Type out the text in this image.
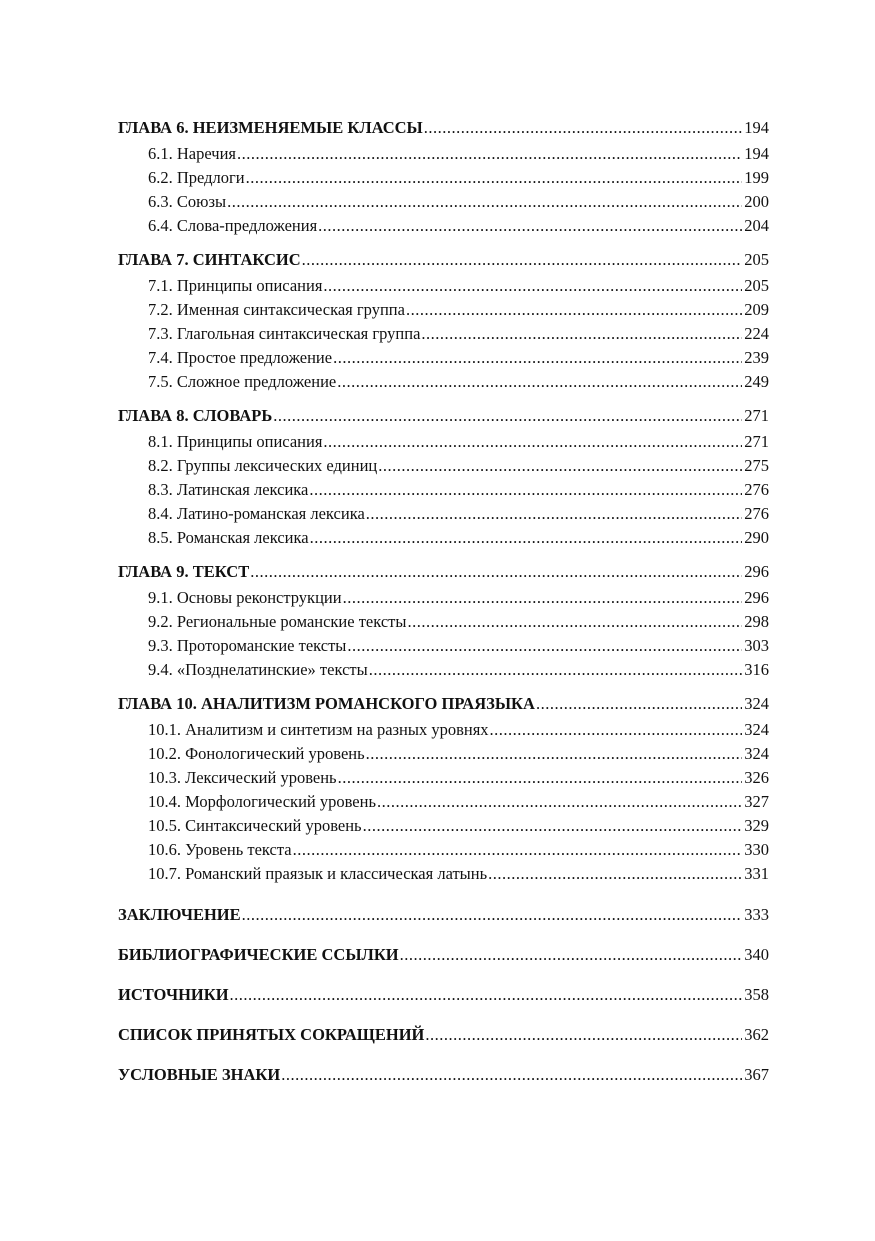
ГЛАВА 6. НЕИЗМЕНЯЕМЫЕ КЛАССЫ .....	194
6.1. Наречия .....	194
6.2. Предлоги .....	199
6.3. Союзы .....	200
6.4. Слова-предложения .....	204
ГЛАВА 7. СИНТАКСИС .....	205
7.1. Принципы описания .....	205
7.2. Именная синтаксическая группа .....	209
7.3. Глагольная синтаксическая группа .....	224
7.4. Простое предложение .....	239
7.5. Сложное предложение .....	249
ГЛАВА 8. СЛОВАРЬ .....	271
8.1. Принципы описания .....	271
8.2. Группы лексических единиц .....	275
8.3. Латинская лексика .....	276
8.4. Латино-романская лексика .....	276
8.5. Романская лексика .....	290
ГЛАВА 9. ТЕКСТ .....	296
9.1. Основы реконструкции .....	296
9.2. Региональные романские тексты .....	298
9.3. Протороманские тексты .....	303
9.4. «Позднелатинские» тексты .....	316
ГЛАВА 10. АНАЛИТИЗМ РОМАНСКОГО ПРАЯЗЫКА .....	324
10.1. Аналитизм и синтетизм на разных уровнях .....	324
10.2. Фонологический уровень .....	324
10.3. Лексический уровень .....	326
10.4. Морфологический уровень .....	327
10.5. Синтаксический уровень .....	329
10.6. Уровень текста .....	330
10.7. Романский праязык и классическая латынь .....	331
ЗАКЛЮЧЕНИЕ .....	333
БИБЛИОГРАФИЧЕСКИЕ ССЫЛКИ .....	340
ИСТОЧНИКИ .....	358
СПИСОК ПРИНЯТЫХ СОКРАЩЕНИЙ .....	362
УСЛОВНЫЕ ЗНАКИ .....	367
